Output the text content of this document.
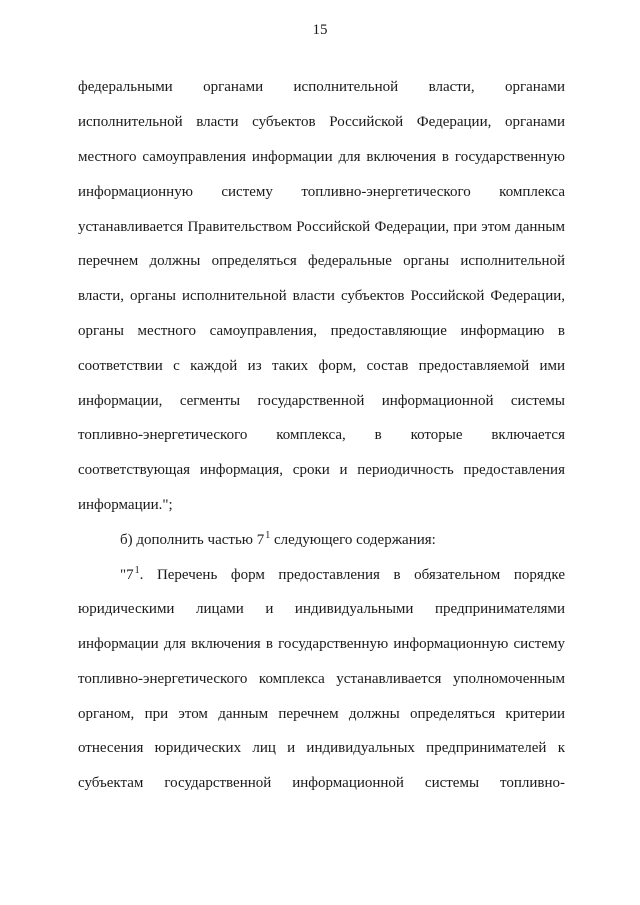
15
федеральными органами исполнительной власти, органами
исполнительной власти субъектов Российской Федерации, органами
местного самоуправления информации для включения в государственную
информационную систему топливно-энергетического комплекса
устанавливается Правительством Российской Федерации, при этом данным
перечнем должны определяться федеральные органы исполнительной
власти, органы исполнительной власти субъектов Российской Федерации,
органы местного самоуправления, предоставляющие информацию в
соответствии с каждой из таких форм, состав предоставляемой ими
информации, сегменты государственной информационной системы
топливно-энергетического комплекса, в которые включается
соответствующая информация, сроки и периодичность предоставления
информации.";
б) дополнить частью $7^1$ следующего содержания:
"$7^1$. Перечень форм предоставления в обязательном порядке
юридическими лицами и индивидуальными предпринимателями
информации для включения в государственную информационную систему
топливно-энергетического комплекса устанавливается уполномоченным
органом, при этом данным перечнем должны определяться критерии
отнесения юридических лиц и индивидуальных предпринимателей к
субъектам государственной информационной системы топливно-
